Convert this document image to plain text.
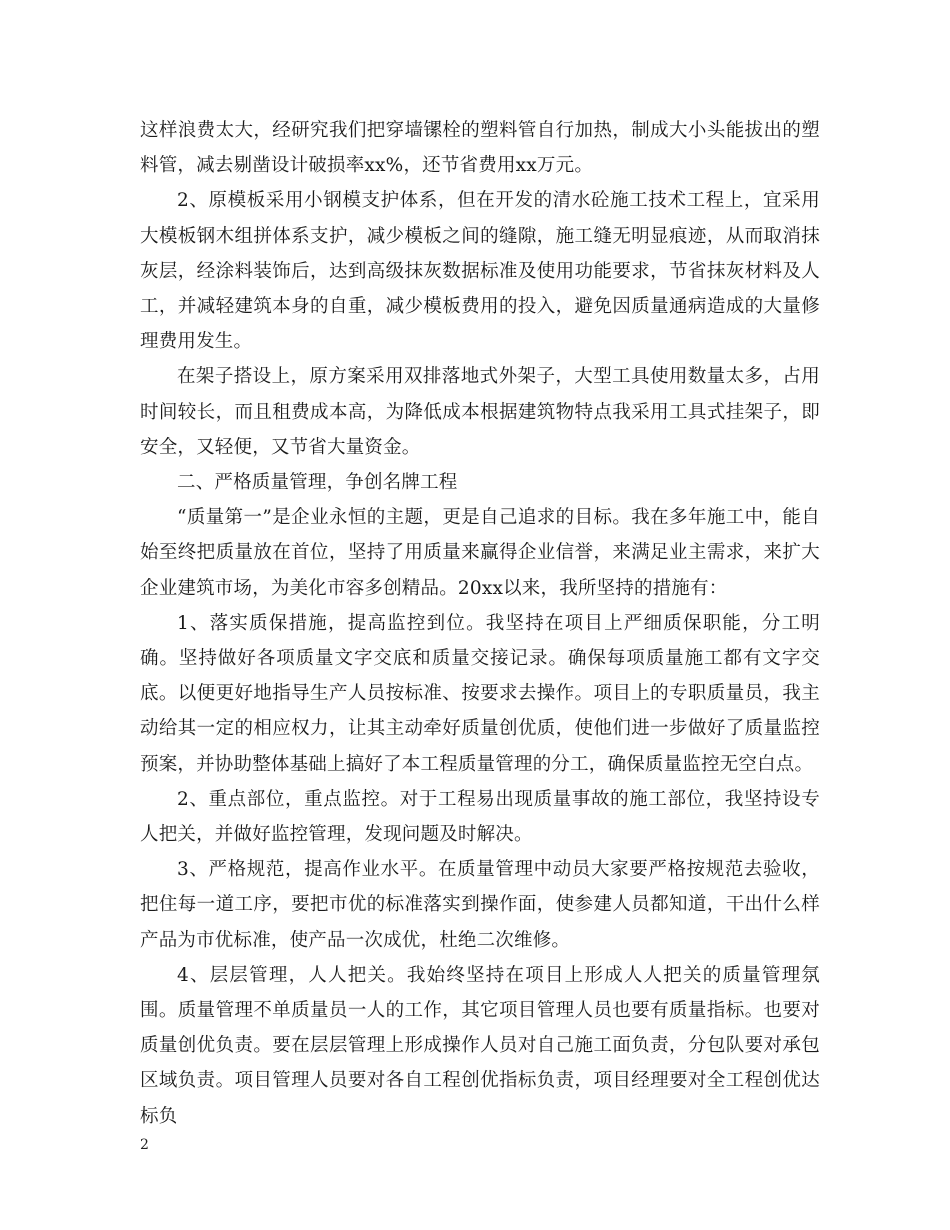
这样浪费太大，经研究我们把穿墙镙栓的塑料管自行加热，制成大小头能拔出的塑料管，减去剔凿设计破损率xx%，还节省费用xx万元。

2、原模板采用小钢模支护体系，但在开发的清水砼施工技术工程上，宜采用大模板钢木组拼体系支护，减少模板之间的缝隙，施工缝无明显痕迹，从而取消抹灰层，经涂料装饰后，达到高级抹灰数据标准及使用功能要求，节省抹灰材料及人工，并减轻建筑本身的自重，减少模板费用的投入，避免因质量通病造成的大量修理费用发生。

在架子搭设上，原方案采用双排落地式外架子，大型工具使用数量太多，占用时间较长，而且租费成本高，为降低成本根据建筑物特点我采用工具式挂架子，即安全，又轻便，又节省大量资金。

二、严格质量管理，争创名牌工程

“质量第一”是企业永恒的主题，更是自己追求的目标。我在多年施工中，能自始至终把质量放在首位，坚持了用质量来赢得企业信誉，来满足业主需求，来扩大企业建筑市场，为美化市容多创精品。20xx以来，我所坚持的措施有：

1、落实质保措施，提高监控到位。我坚持在项目上严细质保职能，分工明确。坚持做好各项质量文字交底和质量交接记录。确保每项质量施工都有文字交底。以便更好地指导生产人员按标准、按要求去操作。项目上的专职质量员，我主动给其一定的相应权力，让其主动牵好质量创优质，使他们进一步做好了质量监控预案，并协助整体基础上搞好了本工程质量管理的分工，确保质量监控无空白点。

2、重点部位，重点监控。对于工程易出现质量事故的施工部位，我坚持设专人把关，并做好监控管理，发现问题及时解决。

3、严格规范，提高作业水平。在质量管理中动员大家要严格按规范去验收，把住每一道工序，要把市优的标准落实到操作面，使参建人员都知道，干出什么样产品为市优标准，使产品一次成优，杜绝二次维修。

4、层层管理，人人把关。我始终坚持在项目上形成人人把关的质量管理氛围。质量管理不单质量员一人的工作，其它项目管理人员也要有质量指标。也要对质量创优负责。要在层层管理上形成操作人员对自己施工面负责，分包队要对承包区域负责。项目管理人员要对各自工程创优指标负责，项目经理要对全工程创优达标负

2
